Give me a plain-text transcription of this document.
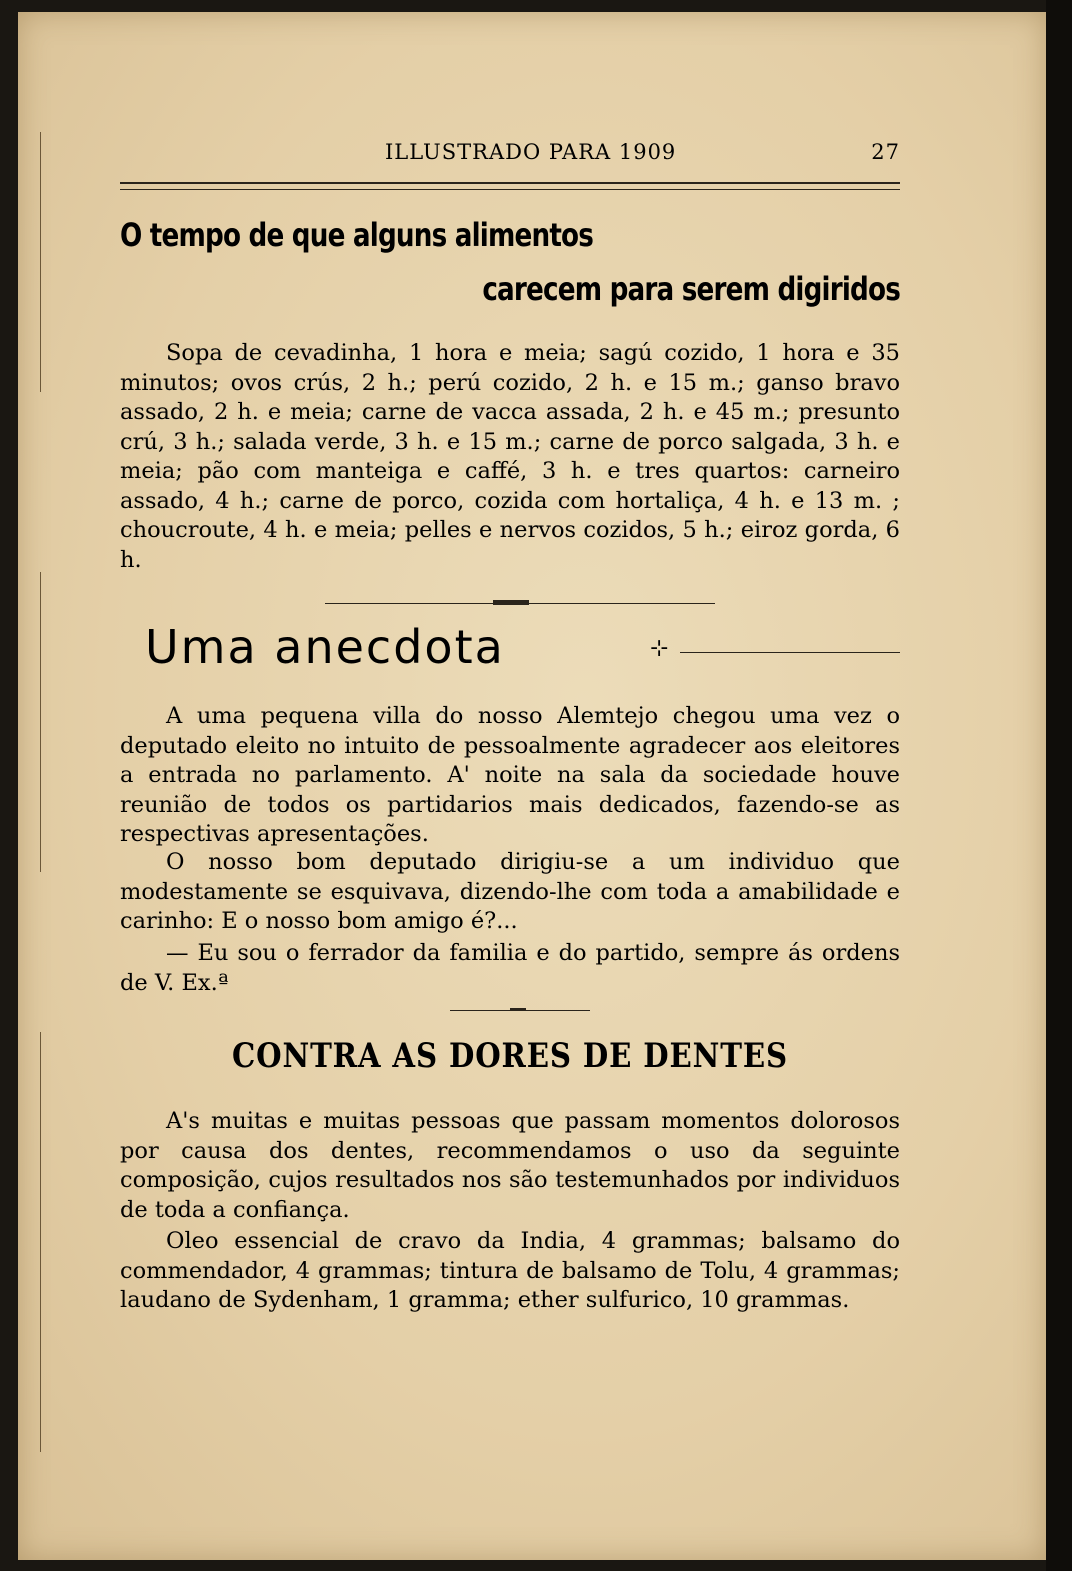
ILLUSTRADO PARA 1909	27
O tempo de que alguns alimentos
carecem para serem digiridos
Sopa de cevadinha, 1 hora e meia; sagú cozido, 1 hora e 35 minutos; ovos crús, 2 h.; perú cozido, 2 h. e 15 m.; ganso bravo assado, 2 h. e meia; carne de vacca assada, 2 h. e 45 m.; presunto crú, 3 h.; salada verde, 3 h. e 15 m.; carne de porco salgada, 3 h. e meia; pão com manteiga e caffé, 3 h. e tres quartos: carneiro assado, 4 h.; carne de porco, cozida com hortaliça, 4 h. e 13 m. ; choucroute, 4 h. e meia; pelles e nervos cozidos, 5 h.; eiroz gorda, 6 h.
Uma anecdota	⊹
A uma pequena villa do nosso Alemtejo chegou uma vez o deputado eleito no intuito de pessoalmente agradecer aos eleitores a entrada no parlamento. A' noite na sala da sociedade houve reunião de todos os partidarios mais dedicados, fazendo-se as respectivas apresentações.
O nosso bom deputado dirigiu-se a um individuo que modestamente se esquivava, dizendo-lhe com toda a amabilidade e carinho: E o nosso bom amigo é?...
— Eu sou o ferrador da familia e do partido, sempre ás ordens de V. Ex.ª
CONTRA AS DORES DE DENTES
A's muitas e muitas pessoas que passam momentos dolorosos por causa dos dentes, recommendamos o uso da seguinte composição, cujos resultados nos são testemunhados por individuos de toda a confiança.
Oleo essencial de cravo da India, 4 grammas; balsamo do commendador, 4 grammas; tintura de balsamo de Tolu, 4 grammas; laudano de Sydenham, 1 gramma; ether sulfurico, 10 grammas.
